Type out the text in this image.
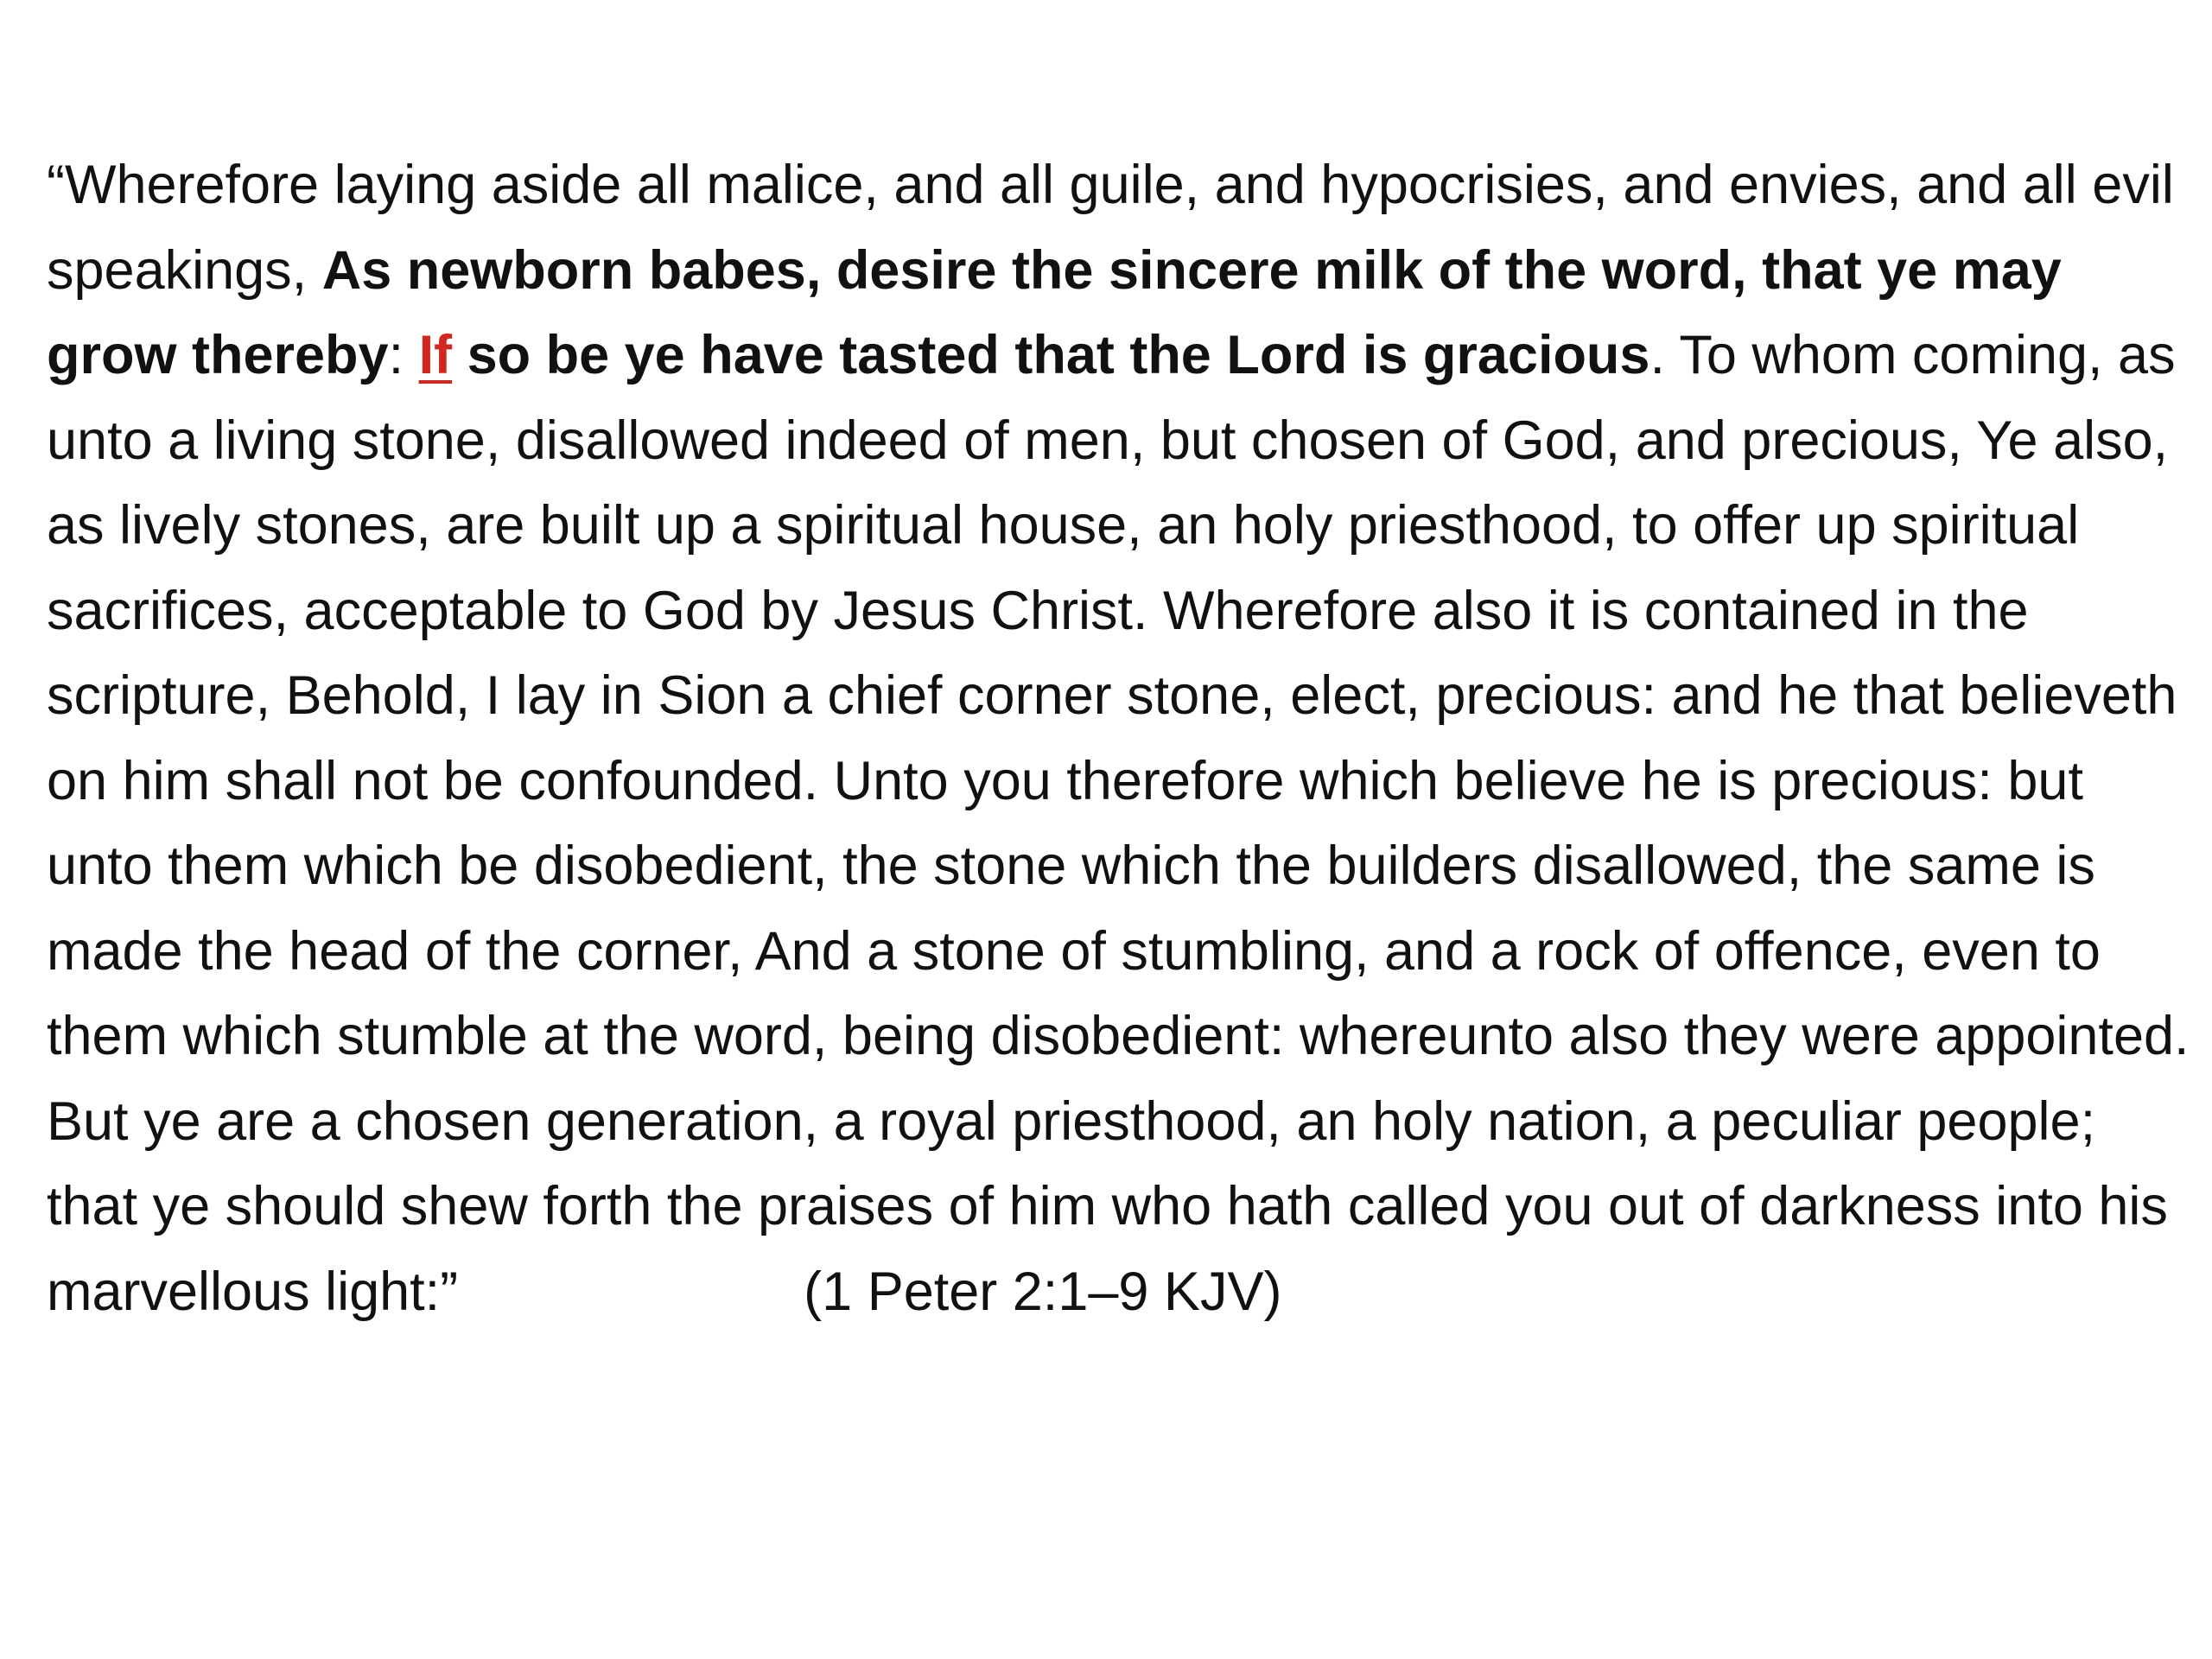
“Wherefore laying aside all malice, and all guile, and hypocrisies, and envies, and all evil speakings, As newborn babes, desire the sincere milk of the word, that ye may grow thereby: If so be ye have tasted that the Lord is gracious. To whom coming, as unto a living stone, disallowed indeed of men, but chosen of God, and precious, Ye also, as lively stones, are built up a spiritual house, an holy priesthood, to offer up spiritual sacrifices, acceptable to God by Jesus Christ. Wherefore also it is contained in the scripture, Behold, I lay in Sion a chief corner stone, elect, precious: and he that believeth on him shall not be confounded. Unto you therefore which believe he is precious: but unto them which be disobedient, the stone which the builders disallowed, the same is made the head of the corner, And a stone of stumbling, and a rock of offence, even to them which stumble at the word, being disobedient: whereunto also they were appointed. But ye are a chosen generation, a royal priesthood, an holy nation, a peculiar people; that ye should shew forth the praises of him who hath called you out of darkness into his marvellous light:”	(1 Peter 2:1–9 KJV)
